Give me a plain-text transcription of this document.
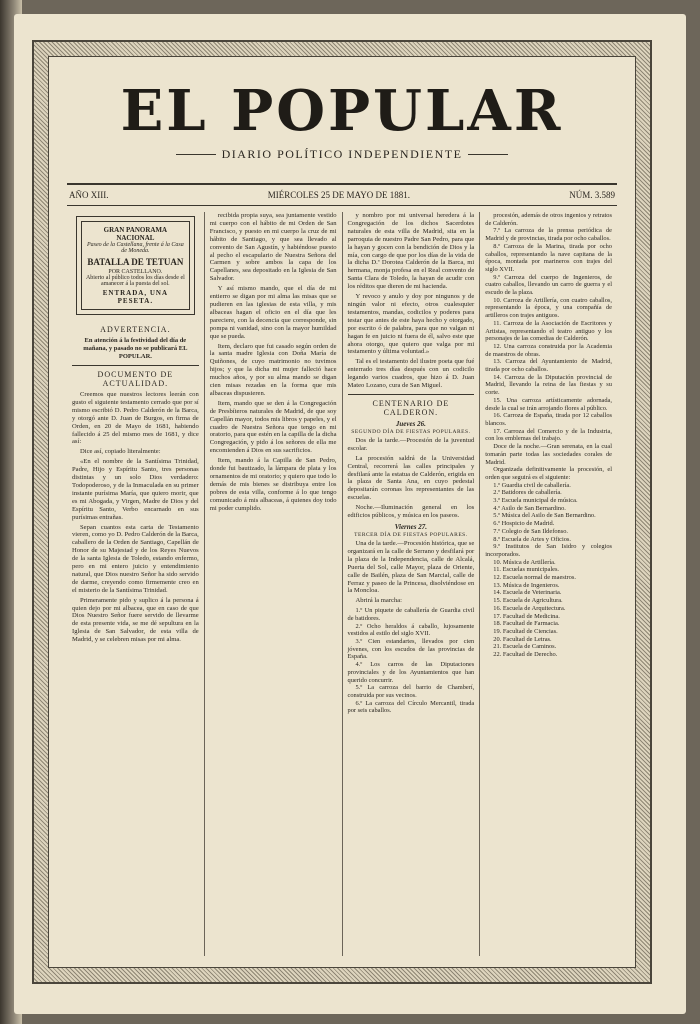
EL POPULAR
DIARIO POLÍTICO INDEPENDIENTE
AÑO XIII.	MIÉRCOLES 25 DE MAYO DE 1881.	NÚM. 3.589
GRAN PANORAMA NACIONAL
Paseo de la Castellana, frente á la Casa de Moneda.
BATALLA DE TETUAN
POR CASTELLANO.
Abierto al público todos los días desde el amanecer á la puesta del sol.
ENTRADA, UNA PESETA.
ADVERTENCIA.
En atención á la festividad del día de mañana, y pasado no se publicará EL POPULAR.
DOCUMENTO DE ACTUALIDAD.

Creemos que nuestros lectores leerán con gusto el siguiente testamento cerrado que por sí mismo escribió D. Pedro Calderón de la Barca, y otorgó ante D. Juan de Burgos, en firma de Orden, en 20 de Mayo de 1681, habiendo fallecido á 25 del mismo mes de 1681, y dice así:

Dice así, copiado literalmente:

«En el nombre de la Santísima Trinidad, Padre, Hijo y Espíritu Santo, tres personas distintas y un solo Dios verdadero: Todopoderoso, y de la Inmaculada en su primer instante purísima María, que quiero morir, que es mi Abogada, y Virgen, Madre de Dios y del Espíritu Santo, Verbo encarnado en sus purísimas entrañas.

Sepan cuantos esta carta de Testamento vieren, como yo D. Pedro Calderón de la Barca, caballero de la Orden de Santiago, Capellán de Honor de su Majestad y de los Reyes Nuevos de la santa Iglesia de Toledo, estando enfermo, pero en mi entero juicio y entendimiento natural, que Dios nuestro Señor ha sido servido de darme, creyendo como firmemente creo en el misterio de la Santísima Trinidad.

Primeramente pido y suplico á la persona á quien dejo por mi albacea, que en caso de que Dios Nuestro Señor fuere servido de llevarme de esta presente vida, se me dé sepultura en la Iglesia de San Salvador, de esta villa de Madrid, y se celebren misas por mi alma.

recibida propia suya, sea juntamente vestido mi cuerpo con el hábito de mi Orden de San Francisco, y puesto en mi cuerpo la cruz de mi hábito de Santiago, y que sea llevado al convento de San Agustín, y habiéndose puesto al pecho el escapulario de Nuestra Señora del Carmen y sobre ambos la capa de los Capellanes, sea depositado en la Iglesia de San Salvador.

Y así mismo mando, que el día de mi entierro se digan por mi alma las misas que se pudieren en las iglesias de esta villa, y mis albaceas hagan el oficio en el día que les pareciere, con la decencia que corresponde, sin pompa ni vanidad, sino con la mayor humildad que se pueda.

Item, declaro que fui casado según orden de la santa madre Iglesia con Doña María de Quiñones, de cuyo matrimonio no tuvimos hijos; y que la dicha mi mujer falleció hace muchos años, y por su alma mando se digan cien misas rezadas en la forma que mis albaceas dispusieren.

Item, mando que se den á la Congregación de Presbíteros naturales de Madrid, de que soy Capellán mayor, todos mis libros y papeles, y el cuadro de Nuestra Señora que tengo en mi oratorio, para que estén en la capilla de la dicha Congregación, y pido á los señores de ella me encomienden á Dios en sus sacrificios.

Item, mando á la Capilla de San Pedro, donde fui bautizado, la lámpara de plata y los ornamentos de mi oratorio; y quiero que todo lo demás de mis bienes se distribuya entre los pobres de esta villa, conforme á lo que tengo comunicado á mis albaceas, á quienes doy todo mi poder cumplido.

y nombro por mi universal heredera á la Congregación de los dichos Sacerdotes naturales de esta villa de Madrid, sita en la parroquia de nuestro Padre San Pedro, para que la hayan y gocen con la bendición de Dios y la mía, con cargo de que por los días de la vida de la dicha D.ª Dorotea Calderón de la Barca, mi hermana, monja profesa en el Real convento de Santa Clara de Toledo, la hayan de acudir con los réditos que dieren de mi hacienda.

Y revoco y anulo y doy por ningunos y de ningún valor ni efecto, otros cualesquier testamentos, mandas, codicilos y poderes para testar que antes de este haya hecho y otorgado, por escrito ó de palabra, para que no valgan ni hagan fe en juicio ni fuera de él, salvo este que ahora otorgo, que quiero que valga por mi testamento y última voluntad.»

Tal es el testamento del ilustre poeta que fué enterrado tres días después con un codicilo legando varios cuadros, que hizo á D. Juan Mateo Lozano, cura de San Miguel.

CENTENARIO DE CALDERON.
Jueves 26.
SEGUNDO DÍA DE FIESTAS POPULARES.

Dos de la tarde.—Procesión de la juventud escolar.

La procesión saldrá de la Universidad Central, recorrerá las calles principales y desfilará ante la estatua de Calderón, erigida en la plaza de Santa Ana, en cuyo pedestal depositarán coronas los representantes de las escuelas.

Noche.—Iluminación general en los edificios públicos, y música en los paseos.

Viernes 27.
TERCER DÍA DE FIESTAS POPULARES.

Una de la tarde.—Procesión histórica, que se organizará en la calle de Serrano y desfilará por la plaza de la Independencia, calle de Alcalá, Puerta del Sol, calle Mayor, plaza de Oriente, calle de Bailén, plaza de San Marcial, calle de Ferraz y paseo de la Princesa, disolviéndose en la Moncloa.

Abrirá la marcha:

1.º Un piquete de caballería de Guardia civil de batidores.
2.º Ocho heraldos á caballo, lujosamente vestidos al estilo del siglo XVII.
3.º Cien estandartes, llevados por cien jóvenes, con los escudos de las provincias de España.
4.º Los carros de las Diputaciones provinciales y de los Ayuntamientos que han querido concurrir.
5.º La carroza del barrio de Chamberí, construida por sus vecinos.
6.º La carroza del Círculo Mercantil, tirada por seis caballos.
procesión, además de otros ingenios y retratos de Calderón.
7.º La carroza de la prensa periódica de Madrid y de provincias, tirada por ocho caballos.
8.º Carroza de la Marina, tirada por ocho caballos, representando la nave capitana de la época, montada por marineros con trajes del siglo XVII.
9.º Carroza del cuerpo de Ingenieros, de cuatro caballos, llevando un carro de guerra y el escudo de la plaza.
10. Carroza de Artillería, con cuatro caballos, representando la época, y una compañía de artilleros con trajes antiguos.
11. Carroza de la Asociación de Escritores y Artistas, representando el teatro antiguo y los personajes de las comedias de Calderón.
12. Una carroza construida por la Academia de maestros de obras.
13. Carroza del Ayuntamiento de Madrid, tirada por ocho caballos.
14. Carroza de la Diputación provincial de Madrid, llevando la reina de las fiestas y su corte.
15. Una carroza artísticamente adornada, desde la cual se irán arrojando flores al público.
16. Carroza de España, tirada por 12 caballos blancos.
17. Carroza del Comercio y de la Industria, con los emblemas del trabajo.
Doce de la noche.—Gran serenata, en la cual tomarán parte todas las sociedades corales de Madrid.
Organizada definitivamente la procesión, el orden que seguirá es el siguiente:
1.º Guardia civil de caballería.
2.º Batidores de caballería.
3.º Escuela municipal de música.
4.º Asilo de San Bernardino.
5.º Música del Asilo de San Bernardino.
6.º Hospicio de Madrid.
7.º Colegio de San Ildefonso.
8.º Escuela de Artes y Oficios.
9.º Institutos de San Isidro y colegios incorporados.
10. Música de Artillería.
11. Escuelas municipales.
12. Escuela normal de maestros.
13. Música de Ingenieros.
14. Escuela de Veterinaria.
15. Escuela de Agricultura.
16. Escuela de Arquitectura.
17. Facultad de Medicina.
18. Facultad de Farmacia.
19. Facultad de Ciencias.
20. Facultad de Letras.
21. Escuela de Caminos.
22. Facultad de Derecho.
